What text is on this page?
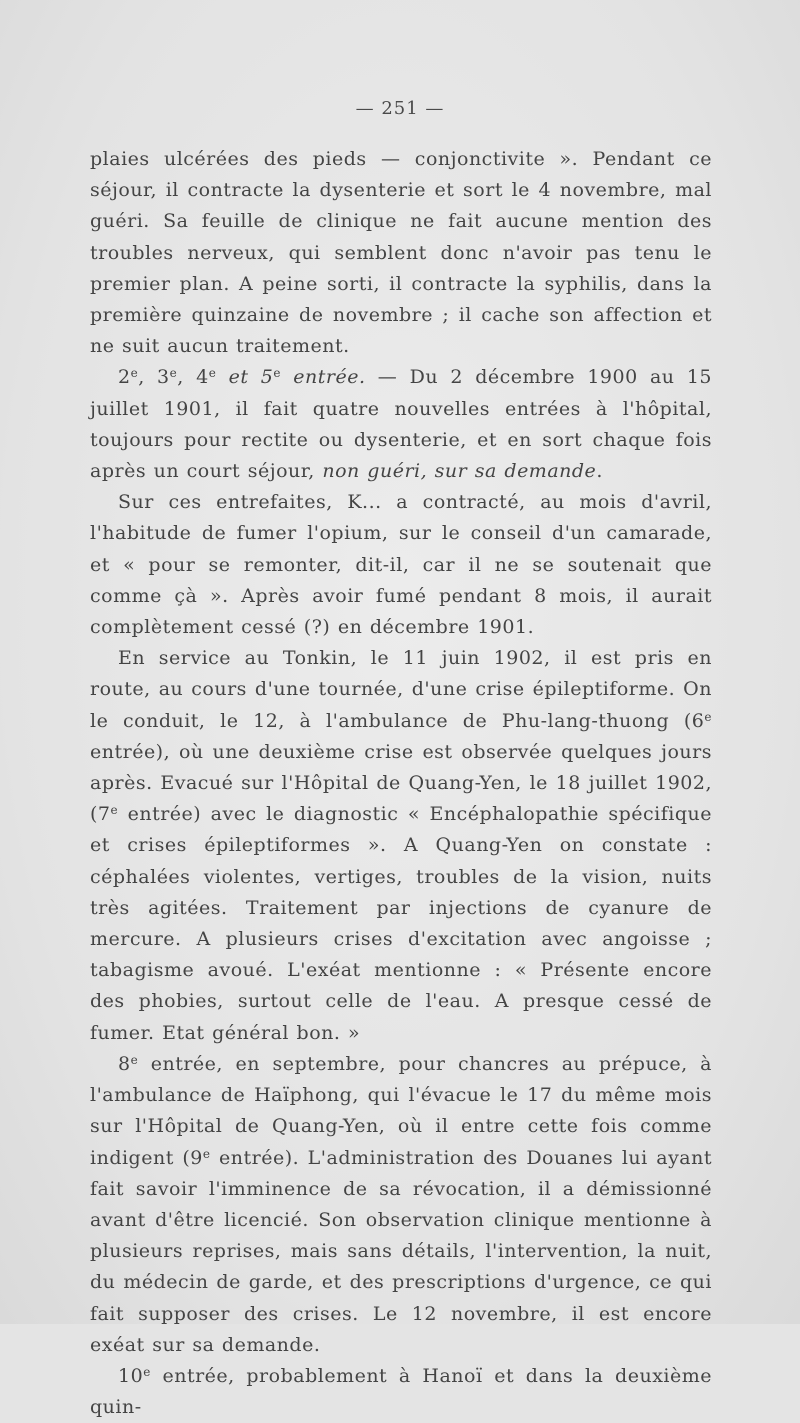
— 251 —

plaies ulcérées des pieds — conjonctivite ». Pendant ce séjour, il contracte la dysenterie et sort le 4 novembre, mal guéri. Sa feuille de clinique ne fait aucune mention des troubles nerveux, qui semblent donc n'avoir pas tenu le premier plan. A peine sorti, il contracte la syphilis, dans la première quinzaine de novembre ; il cache son affection et ne suit aucun traitement.

2e, 3e, 4e et 5e entrée. — Du 2 décembre 1900 au 15 juillet 1901, il fait quatre nouvelles entrées à l'hôpital, toujours pour rectite ou dysenterie, et en sort chaque fois après un court séjour, non guéri, sur sa demande.

Sur ces entrefaites, K... a contracté, au mois d'avril, l'habitude de fumer l'opium, sur le conseil d'un camarade, et « pour se remonter, dit-il, car il ne se soutenait que comme çà ». Après avoir fumé pendant 8 mois, il aurait complètement cessé (?) en décembre 1901.

En service au Tonkin, le 11 juin 1902, il est pris en route, au cours d'une tournée, d'une crise épileptiforme. On le conduit, le 12, à l'ambulance de Phu-lang-thuong (6e entrée), où une deuxième crise est observée quelques jours après. Evacué sur l'Hôpital de Quang-Yen, le 18 juillet 1902, (7e entrée) avec le diagnostic « Encéphalopathie spécifique et crises épileptiformes ». A Quang-Yen on constate : céphalées violentes, vertiges, troubles de la vision, nuits très agitées. Traitement par injections de cyanure de mercure. A plusieurs crises d'excitation avec angoisse ; tabagisme avoué. L'exéat mentionne : « Présente encore des phobies, surtout celle de l'eau. A presque cessé de fumer. Etat général bon. »

8e entrée, en septembre, pour chancres au prépuce, à l'ambulance de Haïphong, qui l'évacue le 17 du même mois sur l'Hôpital de Quang-Yen, où il entre cette fois comme indigent (9e entrée). L'administration des Douanes lui ayant fait savoir l'imminence de sa révocation, il a démissionné avant d'être licencié. Son observation clinique mentionne à plusieurs reprises, mais sans détails, l'intervention, la nuit, du médecin de garde, et des prescriptions d'urgence, ce qui fait supposer des crises. Le 12 novembre, il est encore exéat sur sa demande.

10e entrée, probablement à Hanoï et dans la deuxième quin-
